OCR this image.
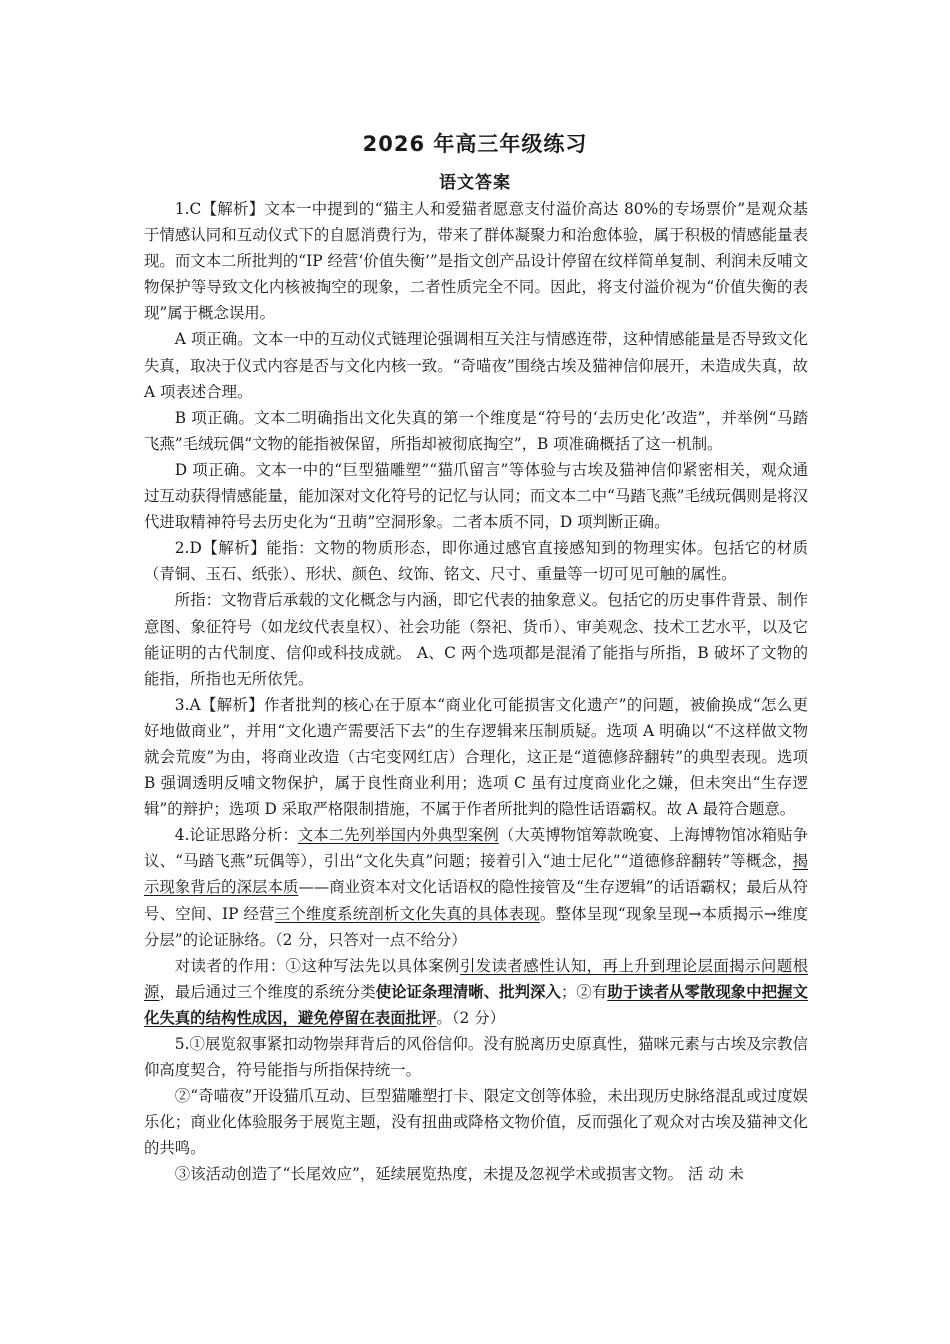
2026 年高三年级练习
语文答案

1.C【解析】文本一中提到的“猫主人和爱猫者愿意支付溢价高达 80%的专场票价”是观众基于情感认同和互动仪式下的自愿消费行为，带来了群体凝聚力和治愈体验，属于积极的情感能量表现。而文本二所批判的“IP 经营‘价值失衡’”是指文创产品设计停留在纹样简单复制、利润未反哺文物保护等导致文化内核被掏空的现象，二者性质完全不同。因此，将支付溢价视为“价值失衡的表现”属于概念误用。

A 项正确。文本一中的互动仪式链理论强调相互关注与情感连带，这种情感能量是否导致文化失真，取决于仪式内容是否与文化内核一致。“奇喵夜”围绕古埃及猫神信仰展开，未造成失真，故 A 项表述合理。

B 项正确。文本二明确指出文化失真的第一个维度是“符号的‘去历史化’改造”，并举例“马踏飞燕”毛绒玩偶“文物的能指被保留，所指却被彻底掏空”，B 项准确概括了这一机制。

D 项正确。文本一中的“巨型猫雕塑”“猫爪留言”等体验与古埃及猫神信仰紧密相关，观众通过互动获得情感能量，能加深对文化符号的记忆与认同；而文本二中“马踏飞燕”毛绒玩偶则是将汉代进取精神符号去历史化为“丑萌”空洞形象。二者本质不同，D 项判断正确。

2.D【解析】能指：文物的物质形态，即你通过感官直接感知到的物理实体。包括它的材质（青铜、玉石、纸张）、形状、颜色、纹饰、铭文、尺寸、重量等一切可见可触的属性。

所指：文物背后承载的文化概念与内涵，即它代表的抽象意义。包括它的历史事件背景、制作意图、象征符号（如龙纹代表皇权）、社会功能（祭祀、货币）、审美观念、技术工艺水平，以及它能证明的古代制度、信仰或科技成就。 A、C 两个选项都是混淆了能指与所指，B 破坏了文物的能指，所指也无所依凭。

3.A【解析】作者批判的核心在于原本“商业化可能损害文化遗产”的问题，被偷换成“怎么更好地做商业”，并用“文化遗产需要活下去”的生存逻辑来压制质疑。选项 A 明确以“不这样做文物就会荒废”为由，将商业改造（古宅变网红店）合理化，这正是“道德修辞翻转”的典型表现。选项 B 强调透明反哺文物保护，属于良性商业利用；选项 C 虽有过度商业化之嫌，但未突出“生存逻辑”的辩护；选项 D 采取严格限制措施，不属于作者所批判的隐性话语霸权。故 A 最符合题意。

4.论证思路分析：文本二先列举国内外典型案例（大英博物馆筹款晚宴、上海博物馆冰箱贴争议、“马踏飞燕”玩偶等），引出“文化失真”问题；接着引入“迪士尼化”“道德修辞翻转”等概念，揭示现象背后的深层本质——商业资本对文化话语权的隐性接管及“生存逻辑”的话语霸权；最后从符号、空间、IP 经营三个维度系统剖析文化失真的具体表现。整体呈现“现象呈现→本质揭示→维度分层”的论证脉络。（2 分，只答对一点不给分）

对读者的作用：①这种写法先以具体案例引发读者感性认知，再上升到理论层面揭示问题根源，最后通过三个维度的系统分类使论证条理清晰、批判深入；②有助于读者从零散现象中把握文化失真的结构性成因，避免停留在表面批评。（2 分）

5.①展览叙事紧扣动物崇拜背后的风俗信仰。没有脱离历史原真性，猫咪元素与古埃及宗教信仰高度契合，符号能指与所指保持统一。

②“奇喵夜”开设猫爪互动、巨型猫雕塑打卡、限定文创等体验，未出现历史脉络混乱或过度娱乐化；商业化体验服务于展览主题，没有扭曲或降格文物价值，反而强化了观众对古埃及猫神文化的共鸣。

③该活动创造了“长尾效应”，延续展览热度，未提及忽视学术或损害文物。 活 动 未
